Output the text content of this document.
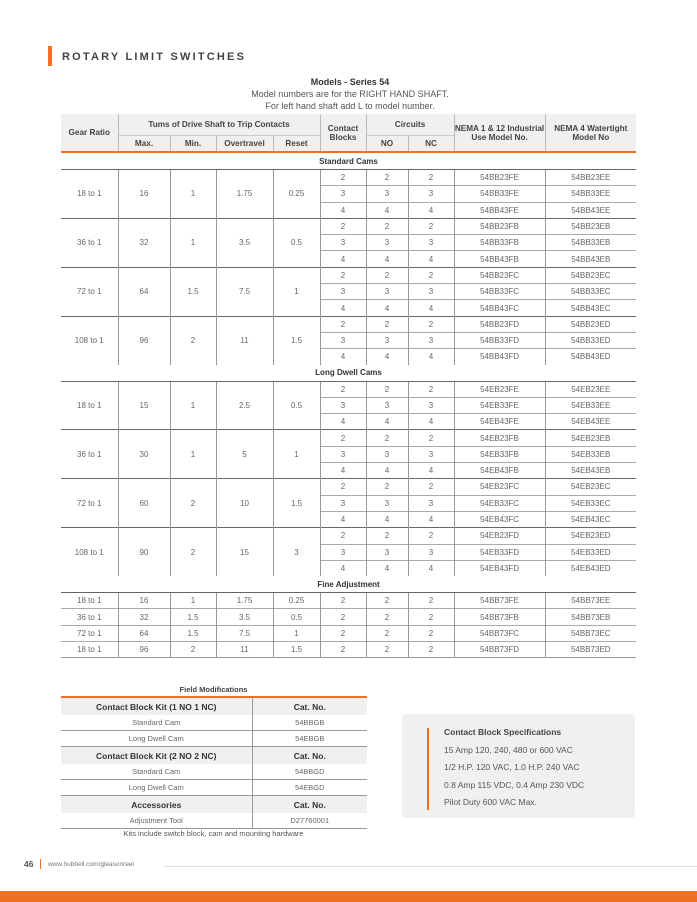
ROTARY LIMIT SWITCHES
Models - Series 54
Model numbers are for the RIGHT HAND SHAFT.
For left hand shaft add L to model number.
Gear Ratio	Tums of Drive Shaft to Trip Contacts				Contact Blocks	Circuits		NEMA 1 & 12 Industrial Use Model No.	NEMA 4 Watertight Model No
	Max.	Min.	Overtravel	Reset		NO	NC		
Standard Cams									
18 to 1	16	1	1.75	0.25	2	2	2	54BB23FE	54BB23EE
					3	3	3	54BB33FE	54BB33EE
					4	4	4	54BB43FE	54BB43EE
36 to 1	32	1	3.5	0.5	2	2	2	54BB23FB	54BB23EB
					3	3	3	54BB33FB	54BB33EB
					4	4	4	54BB43FB	54BB43EB
72 to 1	64	1.5	7.5	1	2	2	2	54BB23FC	54BB23EC
					3	3	3	54BB33FC	54BB33EC
					4	4	4	54BB43FC	54BB43EC
108 to 1	96	2	11	1.5	2	2	2	54BB23FD	54BB23ED
					3	3	3	54BB33FD	54BB33ED
					4	4	4	54BB43FD	54BB43ED
Long Dwell Cams									
18 to 1	15	1	2.5	0.5	2	2	2	54EB23FE	54EB23EE
					3	3	3	54EB33FE	54EB33EE
					4	4	4	54EB43FE	54EB43EE
36 to 1	30	1	5	1	2	2	2	54EB23FB	54EB23EB
					3	3	3	54EB33FB	54EB33EB
					4	4	4	54EB43FB	54EB43EB
72 to 1	60	2	10	1.5	2	2	2	54EB23FC	54EB23EC
					3	3	3	54EB33FC	54EB33EC
					4	4	4	54EB43FC	54EB43EC
108 to 1	90	2	15	3	2	2	2	54EB23FD	54EB23ED
					3	3	3	54EB33FD	54EB33ED
					4	4	4	54EB43FD	54EB43ED
Fine Adjustment									
18 to 1	16	1	1.75	0.25	2	2	2	54BB73FE	54BB73EE
36 to 1	32	1.5	3.5	0.5	2	2	2	54BB73FB	54BB73EB
72 to 1	64	1.5	7.5	1	2	2	2	54BB73FC	54BB73EC
18 to 1	96	2	11	1.5	2	2	2	54BB73FD	54BB73ED
Field Modifications
Contact Block Kit (1 NO 1 NC)	Cat. No.
Standard Cam	54BBGB
Long Dwell Cam	54EBGB
Contact Block Kit (2 NO 2 NC)	Cat. No.
Standard Cam	54BBGD
Long Dwell Cam	54EBGD
Accessories	Cat. No.
Adjustment Tool	D27760001
Kits include switch block, cam and mounting hardware
Contact Block Specifications
15 Amp 120, 240, 480 or 600 VAC
1/2 H.P. 120 VAC, 1.0 H.P. 240 VAC
0.8 Amp 115 VDC, 0.4 Amp 230 VDC
Pilot Duty 600 VAC Max.
46 www.hubbell.com/gleasonreel
